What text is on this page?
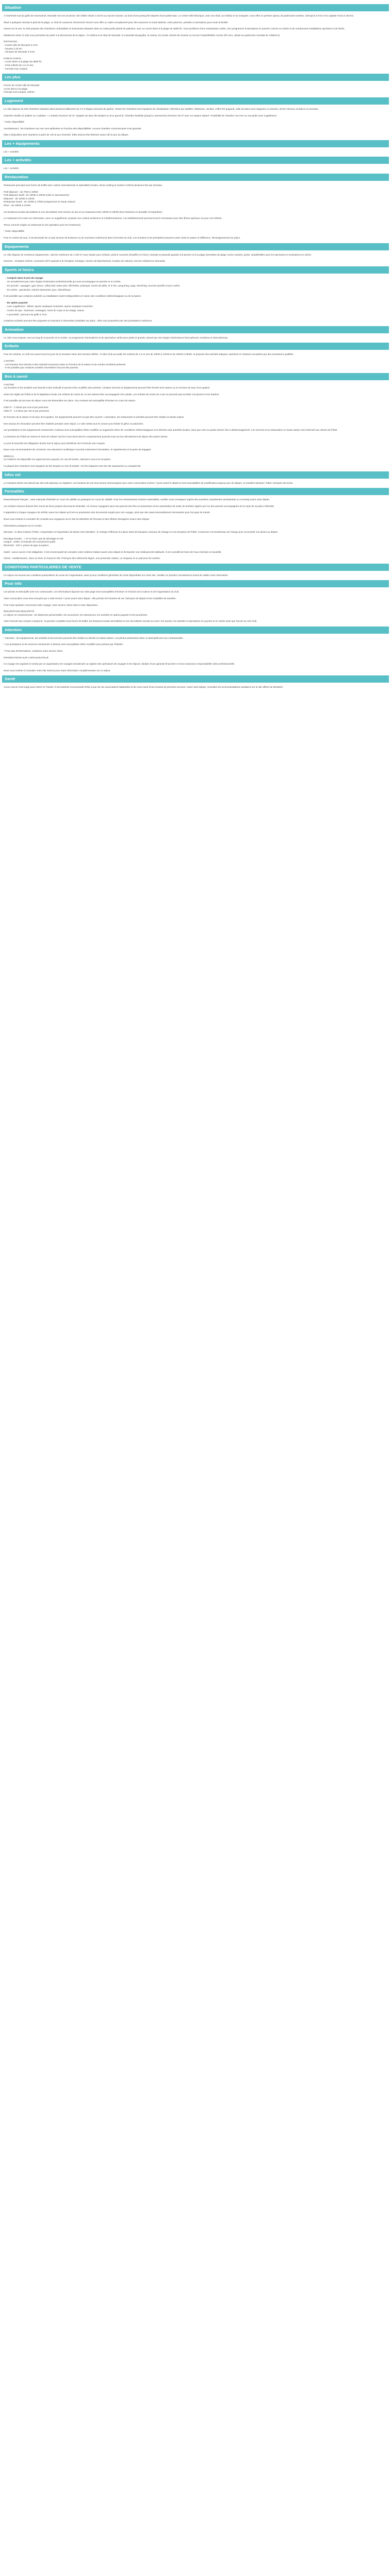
Situation
A l'extrémité sud du golfe de Hammamet, Monastir est une ancienne cité côtière située à 20 km au sud de Sousse, au bord d'une presqu'île séparée d'une petite baie. Le centre-ville historique, avec son ribat, sa médina et sa mosquée, vous offre un premier aperçu du patrimoine tunisien, l'aéroport à 8 km et la capitale Tunis à 160 km.
Situé à quelques minutes à pied de la plage, ce club de vacances récemment rénové vous offre un cadre exceptionnel pour des vacances en toute détente, entre piscines, activités et animations pour toute la famille.
Ouvert sur la mer, le club propose des chambres confortables et lumineuses réparties dans un vaste jardin planté de palmiers, avec un accès direct à la plage de sable fin. Vous profiterez d'une restauration variée, d'un programme d'animations en journée comme en soirée et de nombreuses installations sportives et de loisirs.
Idéalement situé, le club vous permettra de partir à la découverte de la région : la médina et le ribat de Monastir, le mausolée Bourguiba, la marina, les souks colorés de Sousse ou encore l'amphithéâtre romain d'El Jem, classé au patrimoine mondial de l'UNESCO.
DISTANCES :
- Centre-ville de Monastir à 3 km
- Sousse à 20 km
- Aéroport de Monastir à 8 km
POINTS FORTS :
- Accès direct à la plage de sable fin
- Club enfants de 4 à 12 ans
- Formule tout compris
Les plus
Proche du centre-ville de Monastir
Accès direct à la plage
Formule tout compris, 24h/24
Logement
Le club dispose de 326 chambres réparties dans plusieurs bâtiments de 2 à 3 étages entourés de jardins. Toutes les chambres sont équipées de climatisation, télévision par satellite, téléphone, minibar, coffre-fort (payant), salle de bains avec baignoire ou douche, sèche-cheveux et balcon ou terrasse.
Chambre double (2 adultes ou 2 adultes + 1 enfant) d'environ 20 m², équipée de deux lits simples ou d'un grand lit. Chambre familiale (jusqu'à 4 personnes) d'environ 30 m² avec un espace séparé. Possibilité de chambre vue mer ou vue jardin avec supplément.
* Selon disponibilité
Avertissement : les chambres vue mer sont attribuées en fonction des disponibilités. Aucune chambre communicante n'est garantie.
Mise à disposition des chambres à partir de 14h le jour d'arrivée. Elles doivent être libérées avant 12h le jour du départ.
Les + équipements
Les + activités
Les + activités
Les + activités
Restauration
Restaurant principal sous forme de buffet avec cuisine internationale et spécialités locales, show-cooking et soirées à thème plusieurs fois par semaine.
Petit déjeuner : de 7h00 à 10h00
Petit déjeuner tardif : de 10h00 à 10h30 (café et viennoiseries)
Déjeuner : de 12h30 à 14h30
Restaurant snack : de 12h00 à 17h00 (uniquement en haute saison)
Dîner : de 19h00 à 21h30
Les boissons locales alcoolisées et non alcoolisées sont servies au bar et au restaurant entre 10h00 et 23h00 (hors boissons en bouteille et importées).
Le restaurant à la carte sur réservation, avec un supplément, propose une cuisine tunisienne et méditerranéenne. Les établissements prennent tout le nécessaire pour des dîners spéciaux ou pour vos enfants.
Tenue correcte exigée au restaurant le soir (pantalon pour les messieurs).
* Selon disponibilité
Pour le confort de tous, il est demandé de ne pas amener de boissons ou de nourriture extérieures dans l'enceinte du club. Les horaires et les prestations peuvent varier selon la saison et l'affluence. Renseignements sur place.
Equipements
Le club dispose de nombreux équipements : piscine extérieure de 1 200 m² avec bassin pour enfants, piscine couverte (chauffée en hiver), transats et parasols gratuits à la piscine et à la plage (serviettes de plage contre caution), jardin, amphithéâtre pour les spectacles et animations en soirée.
Services : réception 24h/24, connexion Wi-Fi gratuite à la réception, boutique, service de blanchisserie, location de voitures, service médical sur demande.
Sports et loisirs
- Compris dans le prix du voyage
- Un encadrement par notre équipe d'animation professionnelle qui vous accompagne en journée et en soirée.
- En journée : aquagym, gym douce, volley-ball, water-polo, fléchettes, pétanque, tennis de table, tir à l'arc, ping-pong, yoga, stretching, tournois sportifs et jeux variés.
- En soirée : spectacles, soirées dansantes, jeux, discothèque.
Il est possible que certaines activités ou installations soient indisponibles en raison des conditions météorologiques ou de la saison.
- En option payante
- Avec supplément : billard, sports nautiques motorisés, sports nautiques motorisés.
- Centre de spa : hammam, massages, soins du corps et du visage, sauna.
- A proximité : parcours de golfs à 4 km.
Certaines activités peuvent être payantes et soumises à réservation préalable sur place ; elles sont proposées par des prestataires extérieurs.
Animation
Le club vous propose, tout au long de la journée et en soirée, un programme d'animations et de spectacles variés pour petits et grands, assuré par une équipe d'animateurs francophones, tunisiens et internationaux.
Enfants
Pour les enfants, un club est ouvert tous les jours de la semaine selon des horaires définis : le Mini Club accueille les enfants de 4 à 12 ans de 10h00 à 12h30 et de 15h00 à 18h00, et propose des activités ludiques, sportives et créatives encadrées par des animateurs qualifiés.
A NOTER :
- Les horaires sont donnés à titre indicatif et peuvent varier en fonction de la saison et du nombre d'enfants présents.
- Il est possible que certaines activités nécessitent l'accord des parents.
Bon à savoir
A NOTER
Les horaires et les activités sont donnés à titre indicatif et peuvent être modifiés sans préavis. Certains services et équipements peuvent être fermés hors saison ou en fonction du taux d'occupation.
Selon les règles de l'hôtel et de la législation locale, les enfants de moins de 12 ans doivent être accompagnés d'un adulte. Les enfants de moins de 2 ans ne peuvent pas accéder à la piscine et les bassins.
Il est possible qu'une taxe de séjour vous soit demandée sur place. Son montant est susceptible d'évoluer en cours de saison.
Hôtel 4* : 2 dinars par nuit et par personne
Hôtel 3* : 1,5 dinar par nuit et par personne
En fonction de la saison et du taux d'occupation, les équipements peuvent ne pas être ouverts. L'animation, les restaurants et activités peuvent être réduits en basse saison.
Des travaux de rénovation peuvent être réalisés pendant votre séjour. Le club mettra tout en oeuvre pour limiter la gêne occasionnée.
Les prestations et les équipements mentionnés ci-dessus sont susceptibles d'être modifiés ou supprimés selon les conditions météorologiques et la décision des autorités locales, sans que cela ne puisse donner lieu à dédommagement. Les services et la restauration en haute saison sont réservés aux clients de l'hôtel.
La Direction de l'hôtel se réserve le droit de refuser l'accès à tout client dont le comportement pourrait nuire au bon déroulement du séjour des autres clients.
Le port du bracelet est obligatoire durant tout le séjour pour bénéficier de la formule tout compris.
Nous vous recommandons de contracter une assurance multirisque couvrant notamment l'annulation, le rapatriement et la perte de bagages.
MEDICAL
Un médecin est disponible sur appel (service payant). En cas de besoin, adressez-vous à la réception.
La plupart des chambres sont équipées de lits simples ou d'un lit double ; les lits d'appoint sont des lits superposés ou canapés-lits.
Infos vol
Le transport aérien est assuré par des vols spéciaux ou réguliers. Les horaires de vol vous seront communiqués avec votre convocation environ 7 jours avant le départ et sont susceptibles de modification jusqu'au jour du départ. Le transfert aéroport / hôtel / aéroport est inclus.
Formalités
Ressortissants français : carte nationale d'identité en cours de validité ou passeport en cours de validité. Pour les ressortissants d'autres nationalités, veuillez vous renseigner auprès des autorités compétentes (ambassade ou consulat) avant votre départ.
Les enfants mineurs doivent être munis de leurs propres documents d'identité. Un mineur voyageant sans ses parents doit être en possession d'une autorisation de sortie du territoire signée par l'un des parents accompagnée de la copie de sa pièce d'identité.
Il appartient à chaque voyageur de vérifier avant son départ qu'il est en possession des documents exigés pour son voyage, ainsi que des visas éventuellement nécessaires pour les pays de transit.
Nous vous invitons à consulter les conseils aux voyageurs sur le site du Ministère de l'Europe et des Affaires étrangères avant votre départ.
Informations pratiques sur la Tunisie
Monnaie : le dinar tunisien (TND). L'importation et l'exportation de dinars sont interdites ; le change s'effectue sur place dans les banques, bureaux de change et à la réception de l'hôtel. Conservez vos bordereaux de change pour reconvertir vos dinars au départ.
Décalage horaire : + 1h en hiver, pas de décalage en été.
Langue : arabe, le français est couramment parlé.
Électricité : 220 V, prises de type européen.
Santé : aucun vaccin n'est obligatoire. Il est recommandé de consulter votre médecin traitant avant votre départ et d'emporter vos médicaments habituels. Il est conseillé de boire de l'eau minérale en bouteille.
Climat : méditerranéen, doux en hiver et chaud en été. Prévoyez des vêtements légers, une protection solaire, un chapeau et un pull pour les soirées.
CONDITIONS PARTICULIERES DE VENTE
Ce séjour est soumis aux conditions particulières de vente de l'organisateur, ainsi qu'aux conditions générales de vente disponibles sur notre site. Veuillez en prendre connaissance avant de valider votre réservation.
Pour info
Les photos et descriptifs sont non contractuels. Les informations figurant sur cette page sont susceptibles d'évoluer en fonction de la saison et de l'organisation du club.
Votre convocation vous sera envoyée par e-mail environ 7 jours avant votre départ ; elle précise les horaires de vol, l'aéroport de départ et les modalités de transfert.
Pour toute question concernant votre voyage, notre service client reste à votre disposition.
DESCRIPTION DESCRIPTIF
Le séjour ne comprend pas : les dépenses personnelles, les excursions, les assurances, les activités en option payante et les pourboires.
Votre formule tout compris comprend : la pension complète sous forme de buffet, les boissons locales alcoolisées et non alcoolisées servies au verre, les snacks, les activités et animations en journée et en soirée ainsi que l'accès au mini club.
Attention
* Attention : les équipements, les activités et les services peuvent être réduits ou fermés en basse saison. Les photos présentées dans ce descriptif sont non contractuelles.
* Les prestations et les services mentionnés ci-dessus sont susceptibles d'être modifiés sans préavis par l'hôtelier.
* Pour plus d'informations, contactez notre service client.
INFORMATIONS SUR L'ORGANISATEUR
Ce voyage est organisé et vendu par un organisateur de voyages immatriculé au registre des opérateurs de voyages et de séjours, titulaire d'une garantie financière et d'une assurance responsabilité civile professionnelle.
Nous vous invitons à consulter notre site internet pour toute information complémentaire sur ce séjour.
Santé
Aucun vaccin n'est exigé pour entrer en Tunisie. Il est toutefois recommandé d'être à jour de vos vaccinations habituelles et de vous munir d'une trousse de premiers secours. Avant votre départ, consultez les recommandations sanitaires sur le site officiel du Ministère.
